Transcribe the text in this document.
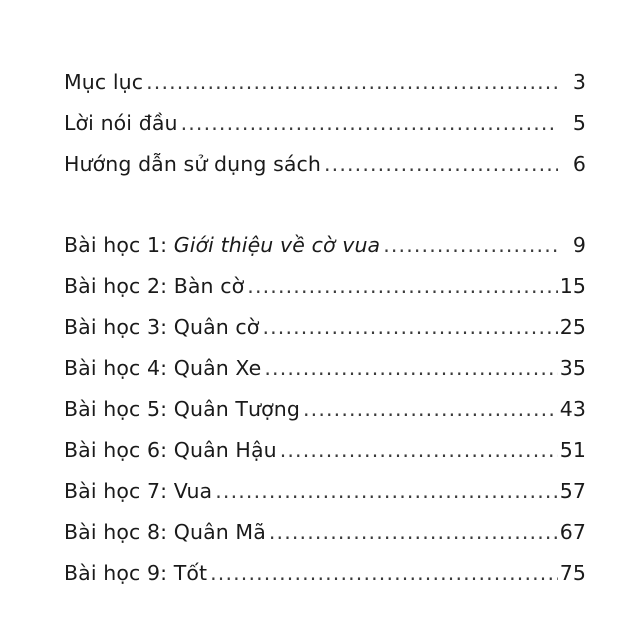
Mục lục .....	3
Lời nói đầu .....	5
Hướng dẫn sử dụng sách .....	6
Bài học 1: Giới thiệu về cờ vua .....	9
Bài học 2: Bàn cờ .....	15
Bài học 3: Quân cờ .....	25
Bài học 4: Quân Xe .....	35
Bài học 5: Quân Tượng .....	43
Bài học 6: Quân Hậu .....	51
Bài học 7: Vua .....	57
Bài học 8: Quân Mã .....	67
Bài học 9: Tốt .....	75
